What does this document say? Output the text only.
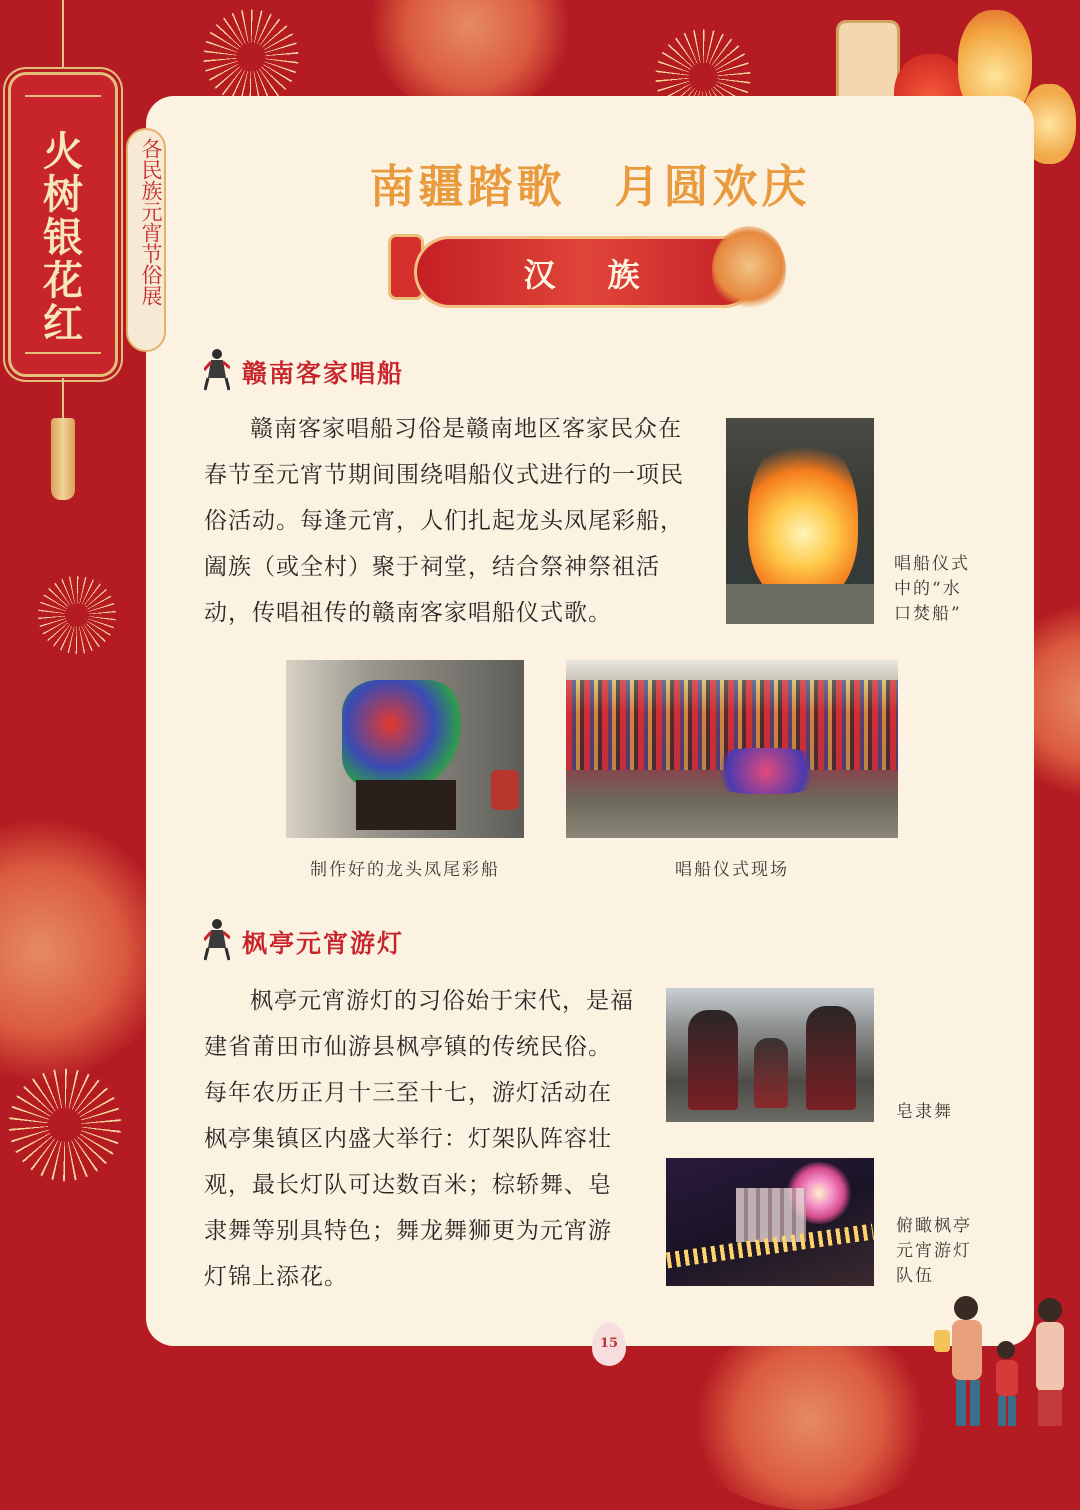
火树银花红
南疆踏歌　月圆欢庆
汉　族
赣南客家唱船

赣南客家唱船习俗是赣南地区客家民众在春节至元宵节期间围绕唱船仪式进行的一项民俗活动。每逢元宵，人们扎起龙头凤尾彩船，阖族（或全村）聚于祠堂，结合祭神祭祖活动，传唱祖传的赣南客家唱船仪式歌。

唱船仪式
中的“水
口焚船”
制作好的龙头凤尾彩船	唱船仪式现场
枫亭元宵游灯

枫亭元宵游灯的习俗始于宋代，是福建省莆田市仙游县枫亭镇的传统民俗。每年农历正月十三至十七，游灯活动在枫亭集镇区内盛大举行：灯架队阵容壮观，最长灯队可达数百米；棕轿舞、皂隶舞等别具特色；舞龙舞狮更为元宵游灯锦上添花。

皂隶舞
俯瞰枫亭
元宵游灯
队伍
各民族元宵节俗展
15
